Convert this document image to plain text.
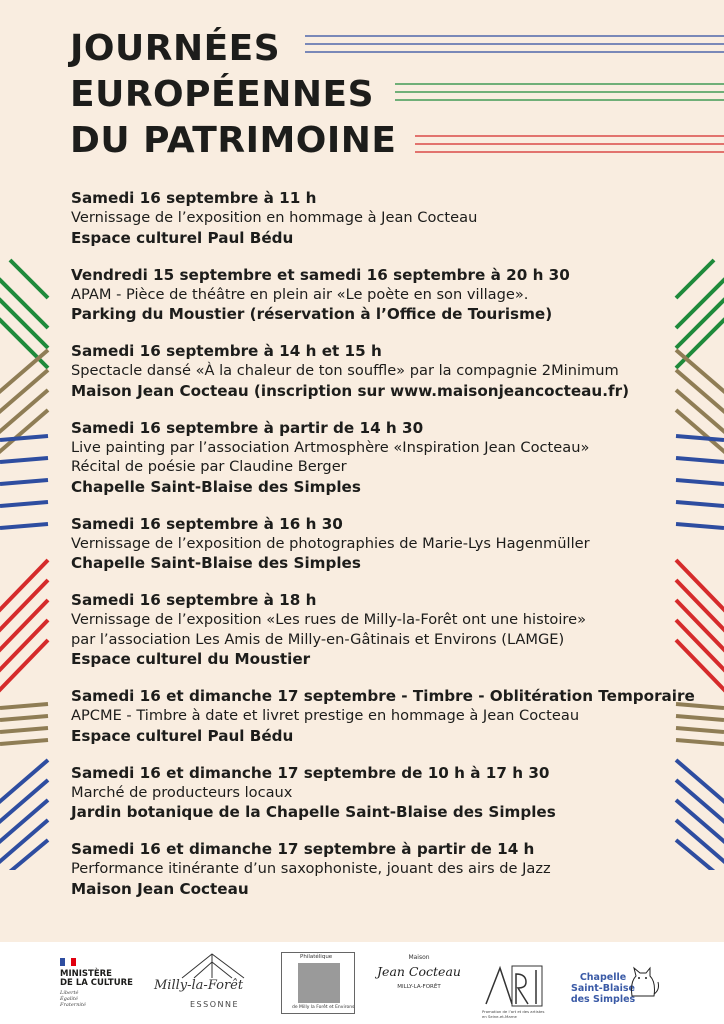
JOURNÉES
EUROPÉENNES
DU PATRIMOINE
Samedi 16 septembre à 11 h
Vernissage de l’exposition en hommage à Jean Cocteau
Espace culturel Paul Bédu
Vendredi 15 septembre et samedi 16 septembre à 20 h 30
APAM - Pièce de théâtre en plein air «Le poète en son village».
Parking du Moustier (réservation à l’Office de Tourisme)
Samedi 16 septembre à 14 h et 15 h
Spectacle dansé «À la chaleur de ton souffle» par la compagnie 2Minimum
Maison Jean Cocteau (inscription sur www.maisonjeancocteau.fr)
Samedi 16 septembre à partir de 14 h 30
Live painting par l’association Artmosphère «Inspiration Jean Cocteau»
Récital de poésie par Claudine Berger
Chapelle Saint-Blaise des Simples
Samedi 16 septembre à 16 h 30
Vernissage de l’exposition de photographies de Marie-Lys Hagenmüller
Chapelle Saint-Blaise des Simples
Samedi 16 septembre à 18 h
Vernissage de l’exposition «Les rues de Milly-la-Forêt ont une histoire»
par l’association Les Amis de Milly-en-Gâtinais et Environs (LAMGE)
Espace culturel du Moustier
Samedi 16 et dimanche 17 septembre - Timbre - Oblitération Temporaire
APCME - Timbre à date et livret prestige en hommage à Jean Cocteau
Espace culturel Paul Bédu
Samedi 16 et dimanche 17 septembre de 10 h à 17 h 30
Marché de producteurs locaux
Jardin botanique de la Chapelle Saint-Blaise des Simples
Samedi 16 et dimanche 17 septembre à partir de 14 h
Performance itinérante d’un saxophoniste, jouant des airs de Jazz
Maison Jean Cocteau
MINISTÈRE
DE LA CULTURE
Liberté
Égalité
Fraternité
Milly-la-Forêt
ESSONNE
Philatélique
de Milly la Forêt et Environs
Maison
Jean Cocteau
MILLY-LA-FORÊT
Promotion de l’art et des artistes
en Seine-et-Marne
Chapelle
Saint-Blaise
des Simples
